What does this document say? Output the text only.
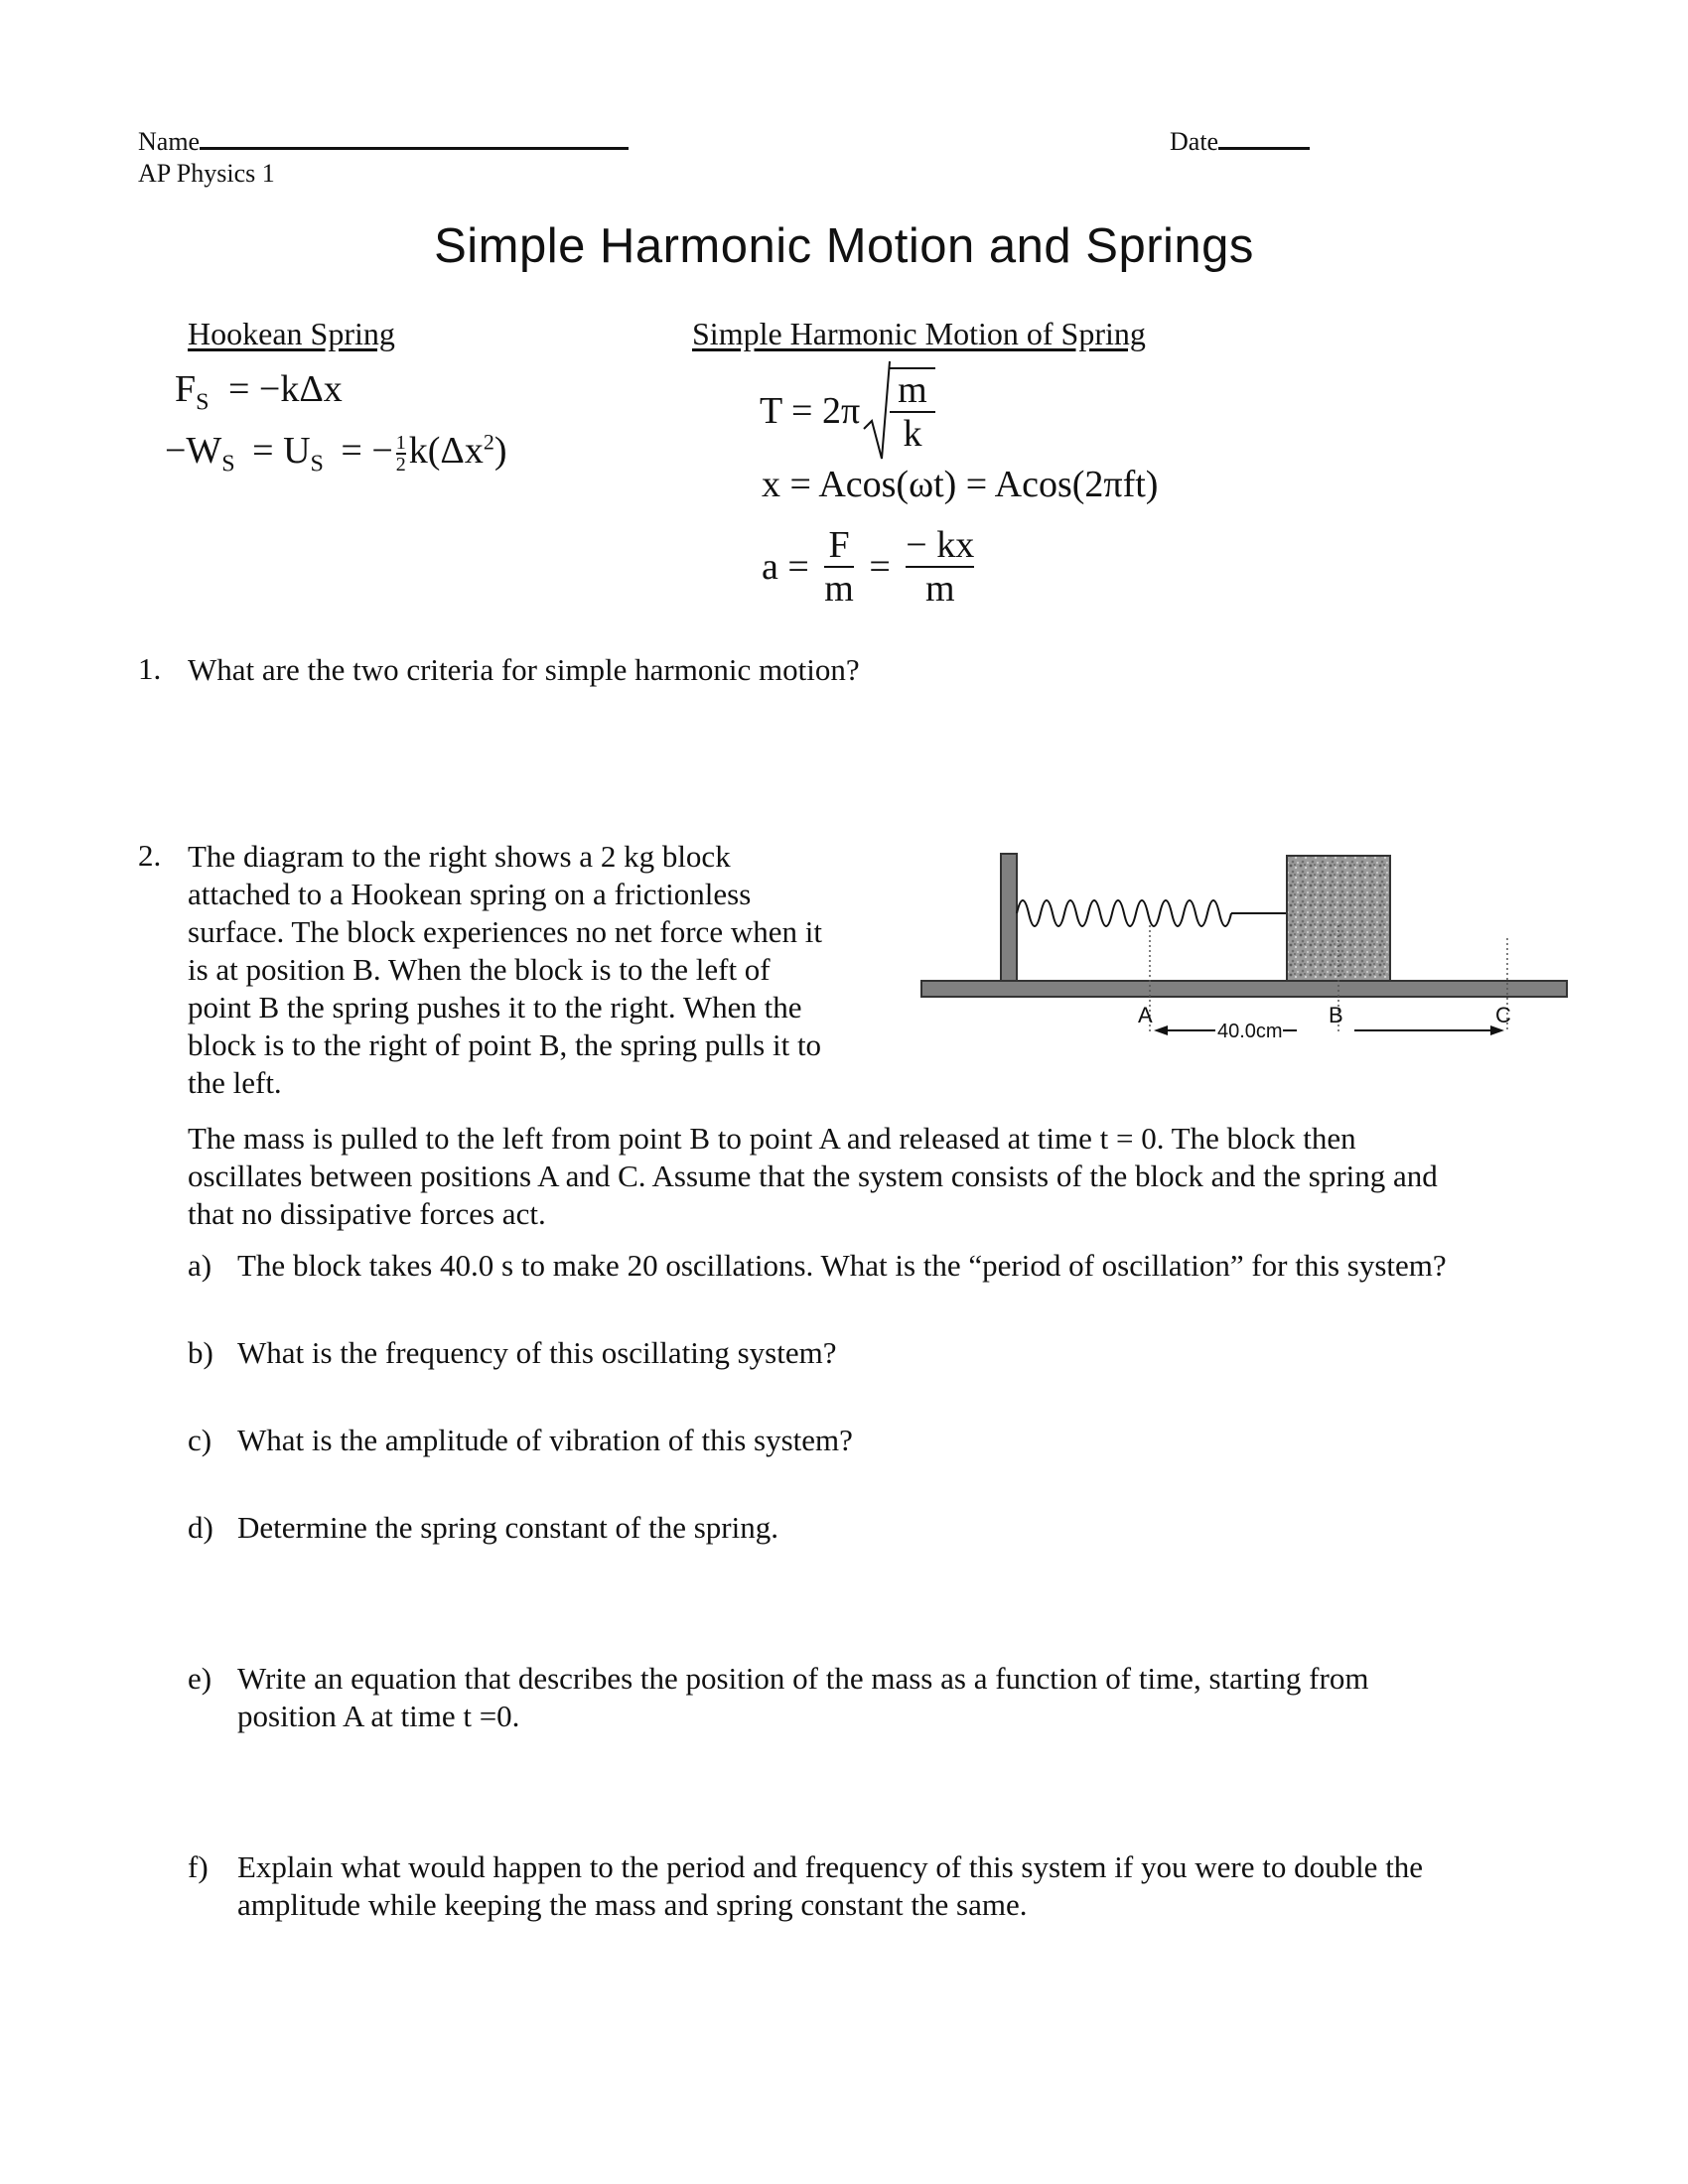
Name
AP Physics 1
Date
Simple Harmonic Motion and Springs
Hookean Spring
$F_S = -k\Delta x$
$-W_S = U_S$ = − $\frac{1}{2} k(\Delta x^2)$
Simple Harmonic Motion of Spring
$T = 2\pi \frac{m}{k}$
x = Acos(ωt) = Acos(2πft)
$a = \frac{F}{m} = \frac{- kx}{m}$
1. What are the two criteria for simple harmonic motion?
2. The diagram to the right shows a 2 kg block
attached to a Hookean spring on a frictionless
surface. The block experiences no net force when it
is at position B. When the block is to the left of
point B the spring pushes it to the right. When the
block is to the right of point B, the spring pulls it to
the left.
A	B	C
40.0cm
The mass is pulled to the left from point B to point A and released at time t = 0. The block then
oscillates between positions A and C. Assume that the system consists of the block and the spring and
that no dissipative forces act.
a) The block takes 40.0 s to make 20 oscillations. What is the “period of oscillation” for this system?
b) What is the frequency of this oscillating system?
c) What is the amplitude of vibration of this system?
d) Determine the spring constant of the spring.
e) Write an equation that describes the position of the mass as a function of time, starting from
position A at time t =0.
f) Explain what would happen to the period and frequency of this system if you were to double the
amplitude while keeping the mass and spring constant the same.
